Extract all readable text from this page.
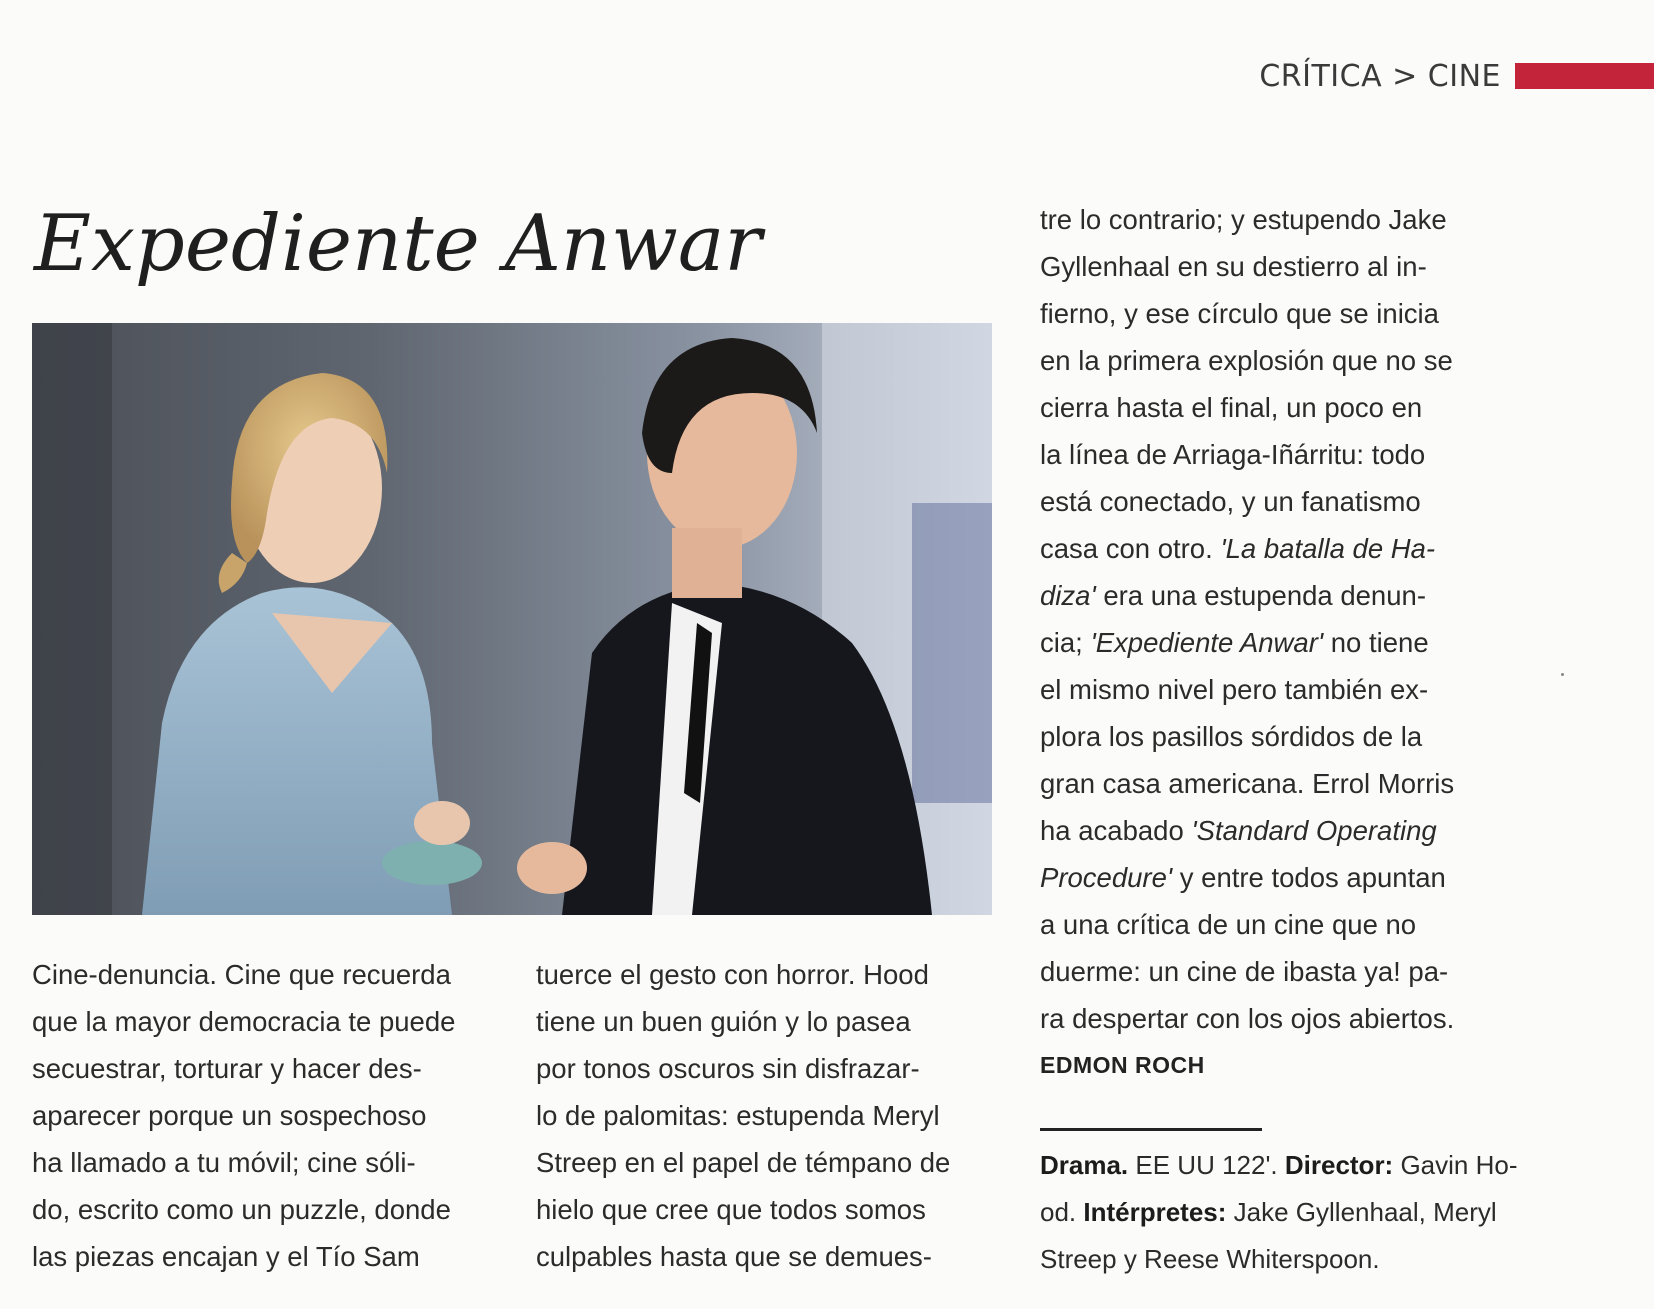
CRÍTICA > CINE
Expediente Anwar

Cine-denuncia. Cine que recuerda
que la mayor democracia te puede
secuestrar, torturar y hacer des-
aparecer porque un sospechoso
ha llamado a tu móvil; cine sóli-
do, escrito como un puzzle, donde
las piezas encajan y el Tío Sam

tuerce el gesto con horror. Hood
tiene un buen guión y lo pasea
por tonos oscuros sin disfrazar-
lo de palomitas: estupenda Meryl
Streep en el papel de témpano de
hielo que cree que todos somos
culpables hasta que se demues-

tre lo contrario; y estupendo Jake
Gyllenhaal en su destierro al in-
fierno, y ese círculo que se inicia
en la primera explosión que no se
cierra hasta el final, un poco en
la línea de Arriaga-Iñárritu: todo
está conectado, y un fanatismo
casa con otro. 'La batalla de Ha-
diza' era una estupenda denun-
cia; 'Expediente Anwar' no tiene
el mismo nivel pero también ex-
plora los pasillos sórdidos de la
gran casa americana. Errol Morris
ha acabado 'Standard Operating
Procedure' y entre todos apuntan
a una crítica de un cine que no
duerme: un cine de ibasta ya! pa-
ra despertar con los ojos abiertos.

EDMON ROCH

Drama. EE UU 122'. Director: Gavin Ho-
od. Intérpretes: Jake Gyllenhaal, Meryl
Streep y Reese Whiterspoon.
